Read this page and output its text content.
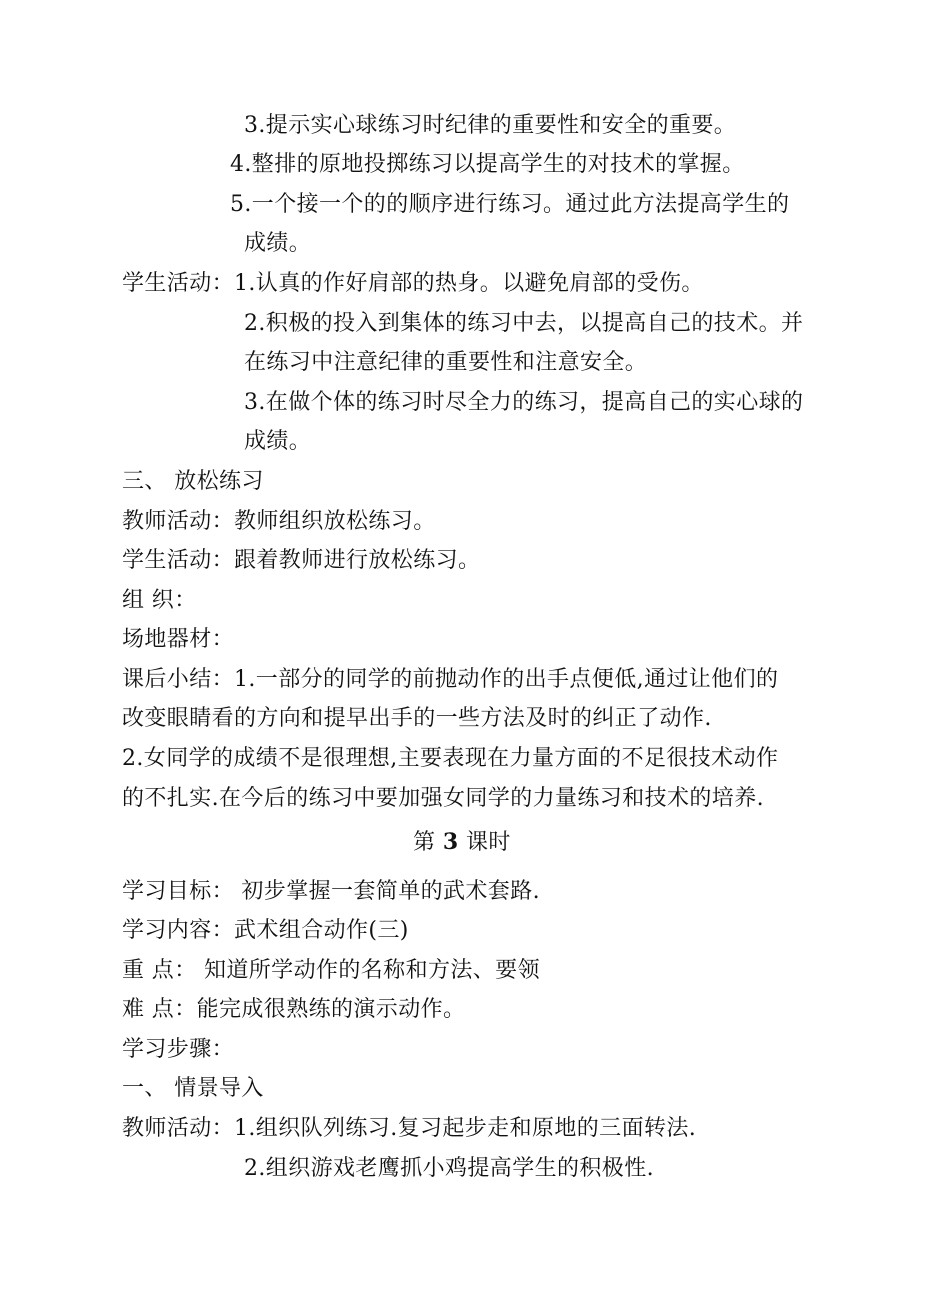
3.提示实心球练习时纪律的重要性和安全的重要。
4.整排的原地投掷练习以提高学生的对技术的掌握。
5.一个接一个的的顺序进行练习。通过此方法提高学生的
成绩。
学生活动：1.认真的作好肩部的热身。以避免肩部的受伤。
2.积极的投入到集体的练习中去，以提高自己的技术。并
在练习中注意纪律的重要性和注意安全。
3.在做个体的练习时尽全力的练习，提高自己的实心球的
成绩。
三、 放松练习
教师活动：教师组织放松练习。
学生活动：跟着教师进行放松练习。
组 织：
场地器材：
课后小结：1.一部分的同学的前抛动作的出手点便低,通过让他们的
改变眼睛看的方向和提早出手的一些方法及时的纠正了动作.
2.女同学的成绩不是很理想,主要表现在力量方面的不足很技术动作
的不扎实.在今后的练习中要加强女同学的力量练习和技术的培养.
第 3 课时
学习目标： 初步掌握一套简单的武术套路.
学习内容：武术组合动作(三)
重 点： 知道所学动作的名称和方法、要领
难 点：能完成很熟练的演示动作。
学习步骤：
一、 情景导入
教师活动：1.组织队列练习.复习起步走和原地的三面转法.
2.组织游戏老鹰抓小鸡提高学生的积极性.
